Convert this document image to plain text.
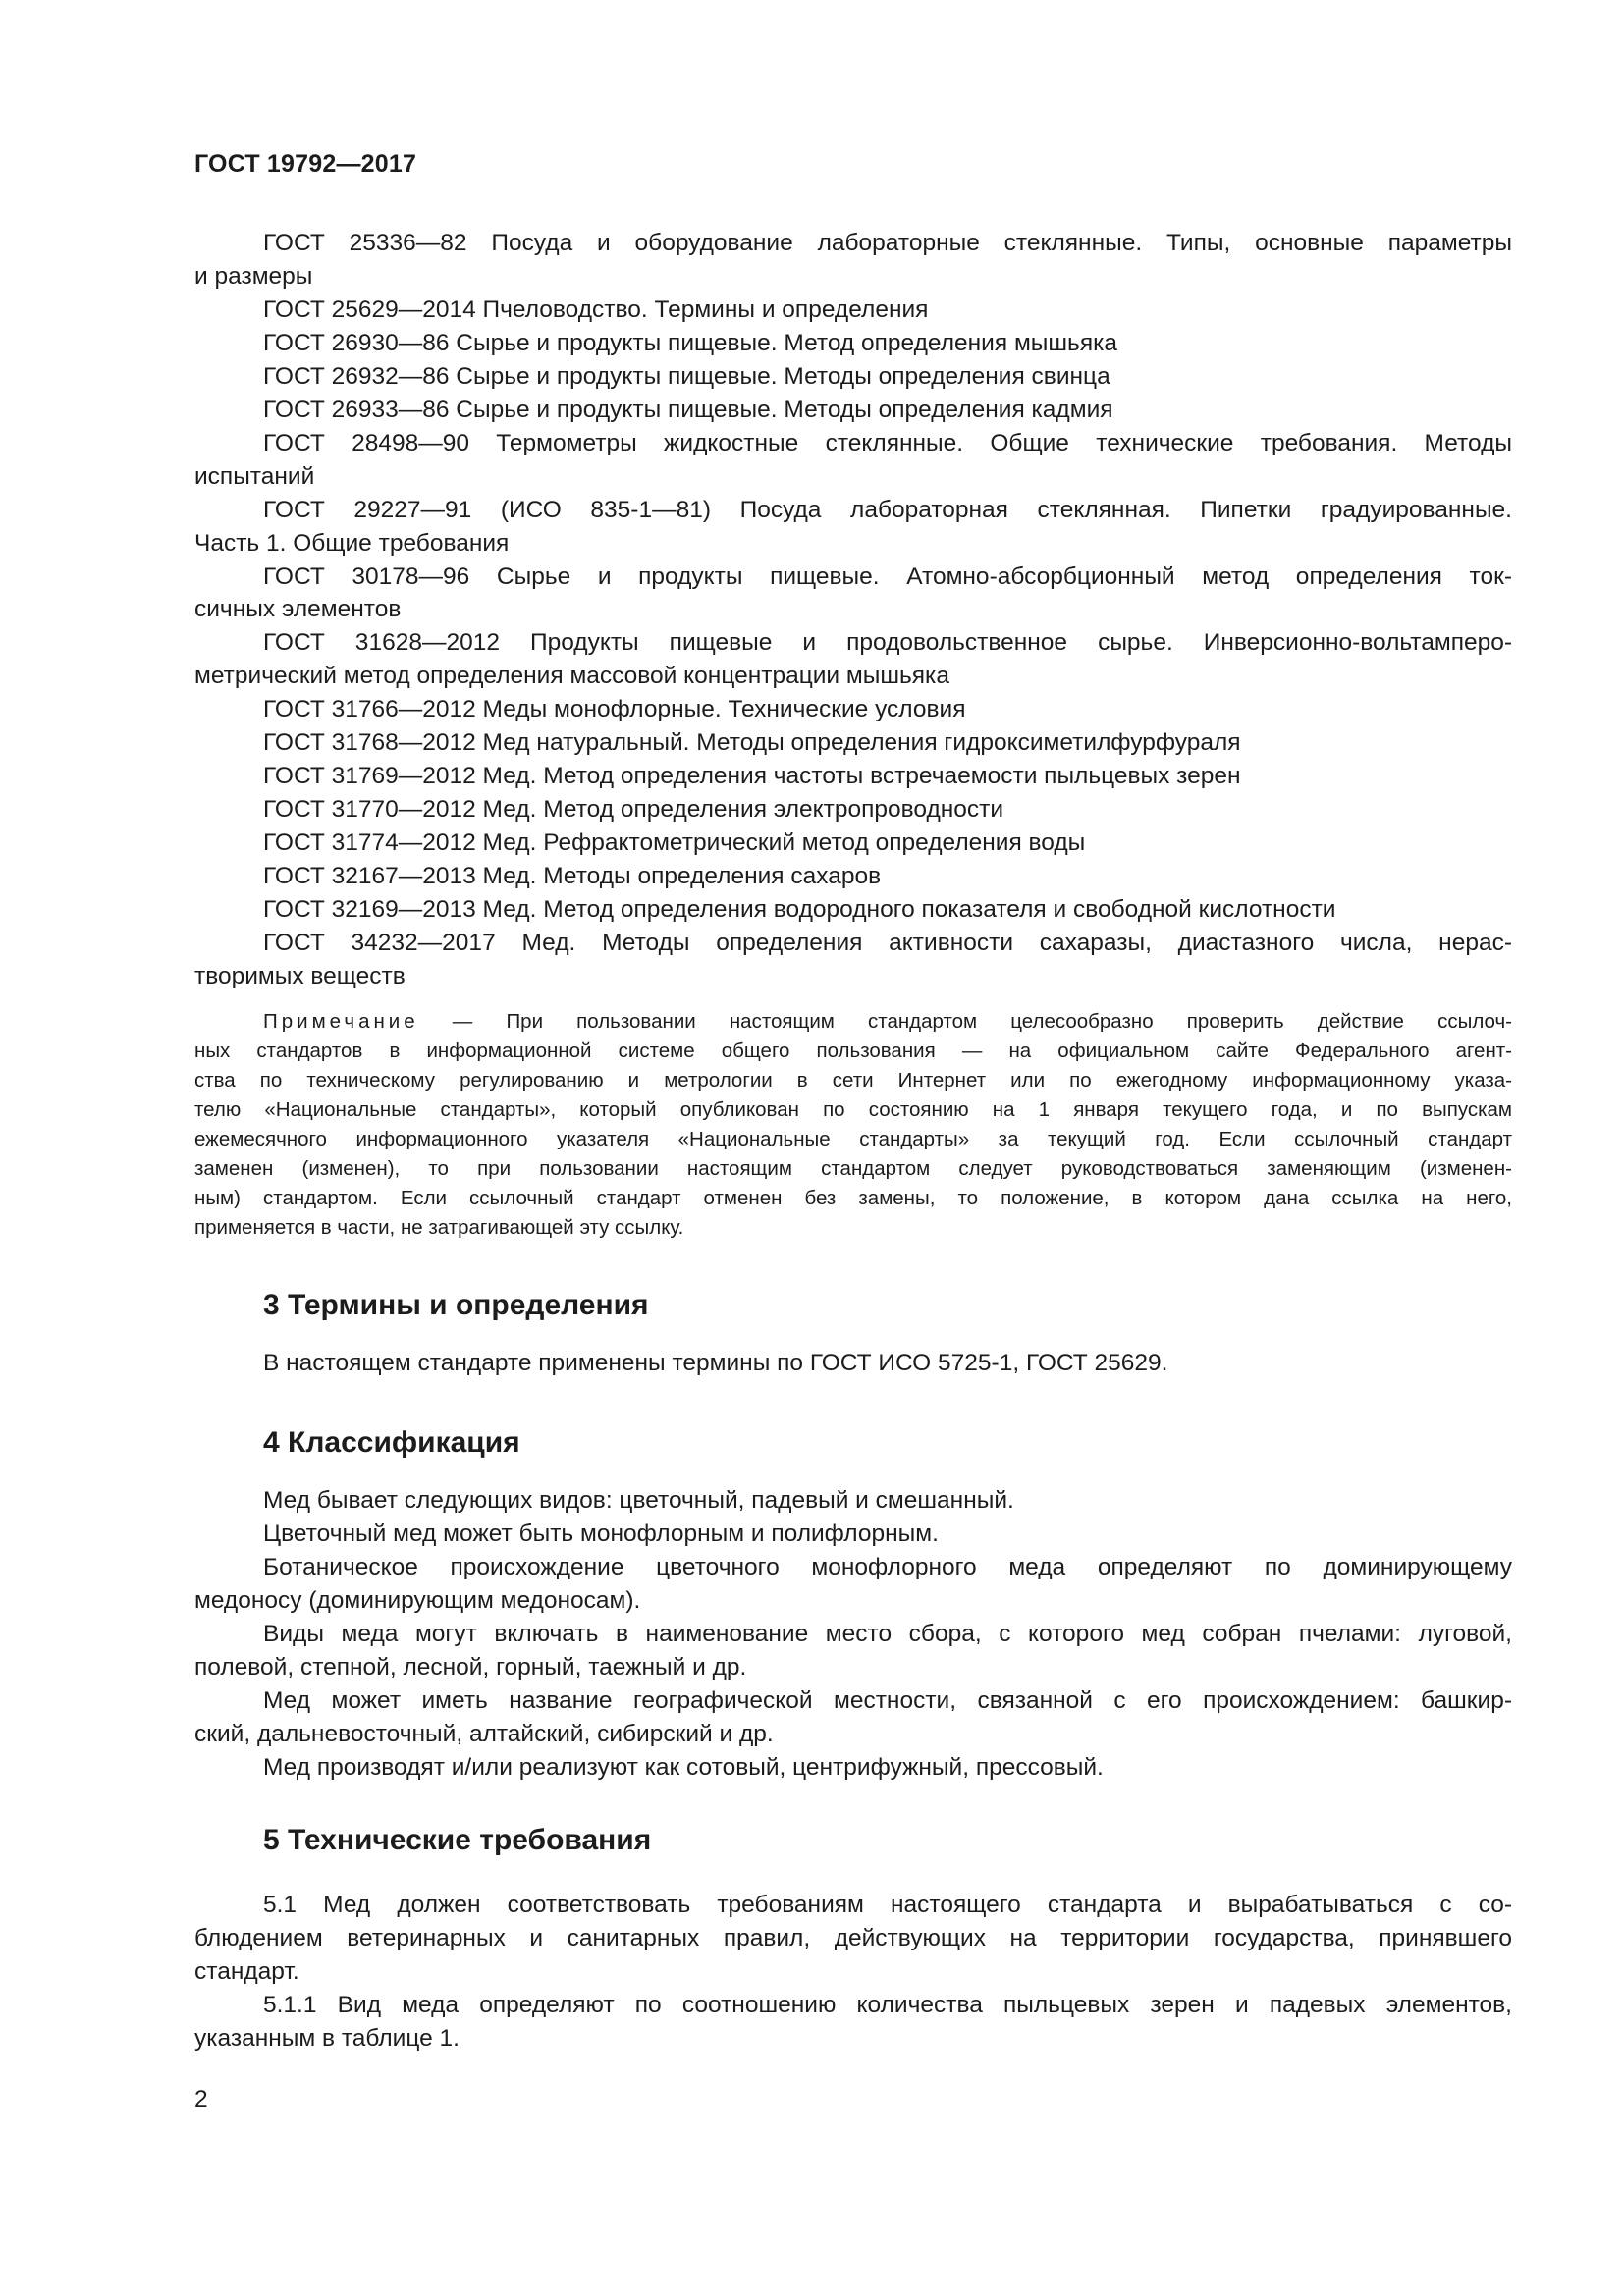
ГОСТ 19792—2017
ГОСТ 25336—82 Посуда и оборудование лабораторные стеклянные. Типы, основные параметры
и размеры
ГОСТ 25629—2014 Пчеловодство. Термины и определения
ГОСТ 26930—86 Сырье и продукты пищевые. Метод определения мышьяка
ГОСТ 26932—86 Сырье и продукты пищевые. Методы определения свинца
ГОСТ 26933—86 Сырье и продукты пищевые. Методы определения кадмия
ГОСТ 28498—90 Термометры жидкостные стеклянные. Общие технические требования. Методы
испытаний
ГОСТ 29227—91 (ИСО 835-1—81) Посуда лабораторная стеклянная. Пипетки градуированные.
Часть 1. Общие требования
ГОСТ 30178—96 Сырье и продукты пищевые. Атомно-абсорбционный метод определения ток-
сичных элементов
ГОСТ 31628—2012 Продукты пищевые и продовольственное сырье. Инверсионно-вольтамперо-
метрический метод определения массовой концентрации мышьяка
ГОСТ 31766—2012 Меды монофлорные. Технические условия
ГОСТ 31768—2012 Мед натуральный. Методы определения гидроксиметилфурфураля
ГОСТ 31769—2012 Мед. Метод определения частоты встречаемости пыльцевых зерен
ГОСТ 31770—2012 Мед. Метод определения электропроводности
ГОСТ 31774—2012 Мед. Рефрактометрический метод определения воды
ГОСТ 32167—2013 Мед. Методы определения сахаров
ГОСТ 32169—2013 Мед. Метод определения водородного показателя и свободной кислотности
ГОСТ 34232—2017 Мед. Методы определения активности сахаразы, диастазного числа, нерас-
творимых веществ
Примечание — При пользовании настоящим стандартом целесообразно проверить действие ссылоч-
ных стандартов в информационной системе общего пользования — на официальном сайте Федерального агент-
ства по техническому регулированию и метрологии в сети Интернет или по ежегодному информационному указа-
телю «Национальные стандарты», который опубликован по состоянию на 1 января текущего года, и по выпускам
ежемесячного информационного указателя «Национальные стандарты» за текущий год. Если ссылочный стандарт
заменен (изменен), то при пользовании настоящим стандартом следует руководствоваться заменяющим (изменен-
ным) стандартом. Если ссылочный стандарт отменен без замены, то положение, в котором дана ссылка на него,
применяется в части, не затрагивающей эту ссылку.
3 Термины и определения
4 Классификация
5 Технические требования
В настоящем стандарте применены термины по ГОСТ ИСО 5725-1, ГОСТ 25629.
Мед бывает следующих видов: цветочный, падевый и смешанный.
Цветочный мед может быть монофлорным и полифлорным.
Ботаническое происхождение цветочного монофлорного меда определяют по доминирующему
медоносу (доминирующим медоносам).
Виды меда могут включать в наименование место сбора, с которого мед собран пчелами: луговой,
полевой, степной, лесной, горный, таежный и др.
Мед может иметь название географической местности, связанной с его происхождением: башкир-
ский, дальневосточный, алтайский, сибирский и др.
Мед производят и/или реализуют как сотовый, центрифужный, прессовый.
5.1 Мед должен соответствовать требованиям настоящего стандарта и вырабатываться с со-
блюдением ветеринарных и санитарных правил, действующих на территории государства, принявшего
стандарт.
5.1.1 Вид меда определяют по соотношению количества пыльцевых зерен и падевых элементов,
указанным в таблице 1.
2
